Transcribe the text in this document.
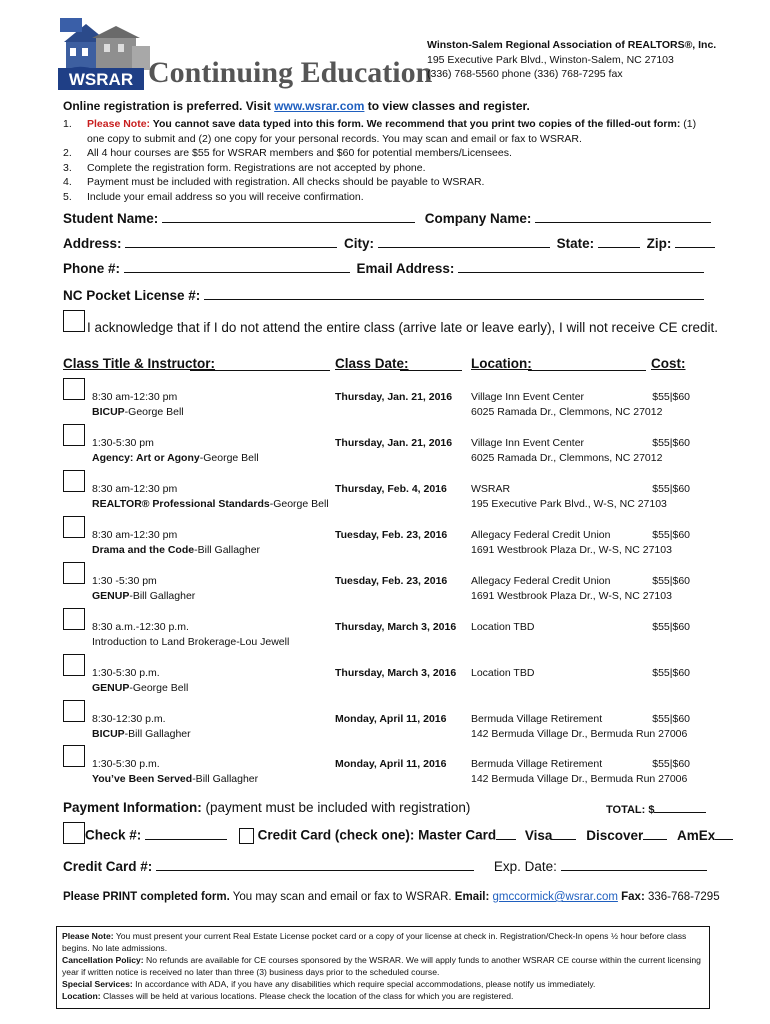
WSRAR Continuing Education
Winston-Salem Regional Association of REALTORS®, Inc.
195 Executive Park Blvd., Winston-Salem, NC 27103
(336) 768-5560 phone (336) 768-7295 fax
Online registration is preferred. Visit www.wsrar.com to view classes and register.
1. Please Note: You cannot save data typed into this form. We recommend that you print two copies of the filled-out form: (1) one copy to submit and (2) one copy for your personal records. You may scan and email or fax to WSRAR.
2. All 4 hour courses are $55 for WSRAR members and $60 for potential members/Licensees.
3. Complete the registration form. Registrations are not accepted by phone.
4. Payment must be included with registration. All checks should be payable to WSRAR.
5. Include your email address so you will receive confirmation.
Student Name:	Company Name:
Address:	City:	State:	Zip:
Phone #:	Email Address:
NC Pocket License #:
I acknowledge that if I do not attend the entire class (arrive late or leave early), I will not receive CE credit.
Class Title & Instructor:	Class Date:	Location:	Cost:
8:30 am-12:30 pm
BICUP-George Bell
Thursday, Jan. 21, 2016 Village Inn Event Center
6025 Ramada Dr., Clemmons, NC 27012
$55|$60
1:30-5:30 pm
Agency: Art or Agony-George Bell
Thursday, Jan. 21, 2016 Village Inn Event Center
6025 Ramada Dr., Clemmons, NC 27012
$55|$60
8:30 am-12:30 pm
REALTOR® Professional Standards-George Bell
Thursday, Feb. 4, 2016 WSRAR
195 Executive Park Blvd., W-S, NC 27103
$55|$60
8:30 am-12:30 pm
Drama and the Code-Bill Gallagher
Tuesday, Feb. 23, 2016 Allegacy Federal Credit Union
1691 Westbrook Plaza Dr., W-S, NC 27103
$55|$60
1:30 -5:30 pm
GENUP-Bill Gallagher
Tuesday, Feb. 23, 2016 Allegacy Federal Credit Union
1691 Westbrook Plaza Dr., W-S, NC 27103
$55|$60
8:30 a.m.-12:30 p.m.
Introduction to Land Brokerage-Lou Jewell
Thursday, March 3, 2016 Location TBD	$55|$60
1:30-5:30 p.m.
GENUP-George Bell
Thursday, March 3, 2016 Location TBD	$55|$60
8:30-12:30 p.m.
BICUP-Bill Gallagher
Monday, April 11, 2016 Bermuda Village Retirement
142 Bermuda Village Dr., Bermuda Run 27006
$55|$60
1:30-5:30 p.m.
You’ve Been Served-Bill Gallagher
Monday, April 11, 2016 Bermuda Village Retirement
142 Bermuda Village Dr., Bermuda Run 27006
$55|$60
Payment Information: (payment must be included with registration)	TOTAL: $
Check #:	Credit Card (check one): Master Card Visa	Discover	AmEx
Credit Card #:	Exp. Date:
Please PRINT completed form. You may scan and email or fax to WSRAR. Email: gmccormick@wsrar.com Fax: 336-768-7295
Please Note: You must present your current Real Estate License pocket card or a copy of your license at check in. Registration/Check-In opens ½ hour before class begins. No late admissions.
Cancellation Policy: No refunds are available for CE courses sponsored by the WSRAR. We will apply funds to another WSRAR CE course within the current licensing year if written notice is received no later than three (3) business days prior to the scheduled course.
Special Services: In accordance with ADA, if you have any disabilities which require special accommodations, please notify us immediately.
Location: Classes will be held at various locations. Please check the location of the class for which you are registered.
